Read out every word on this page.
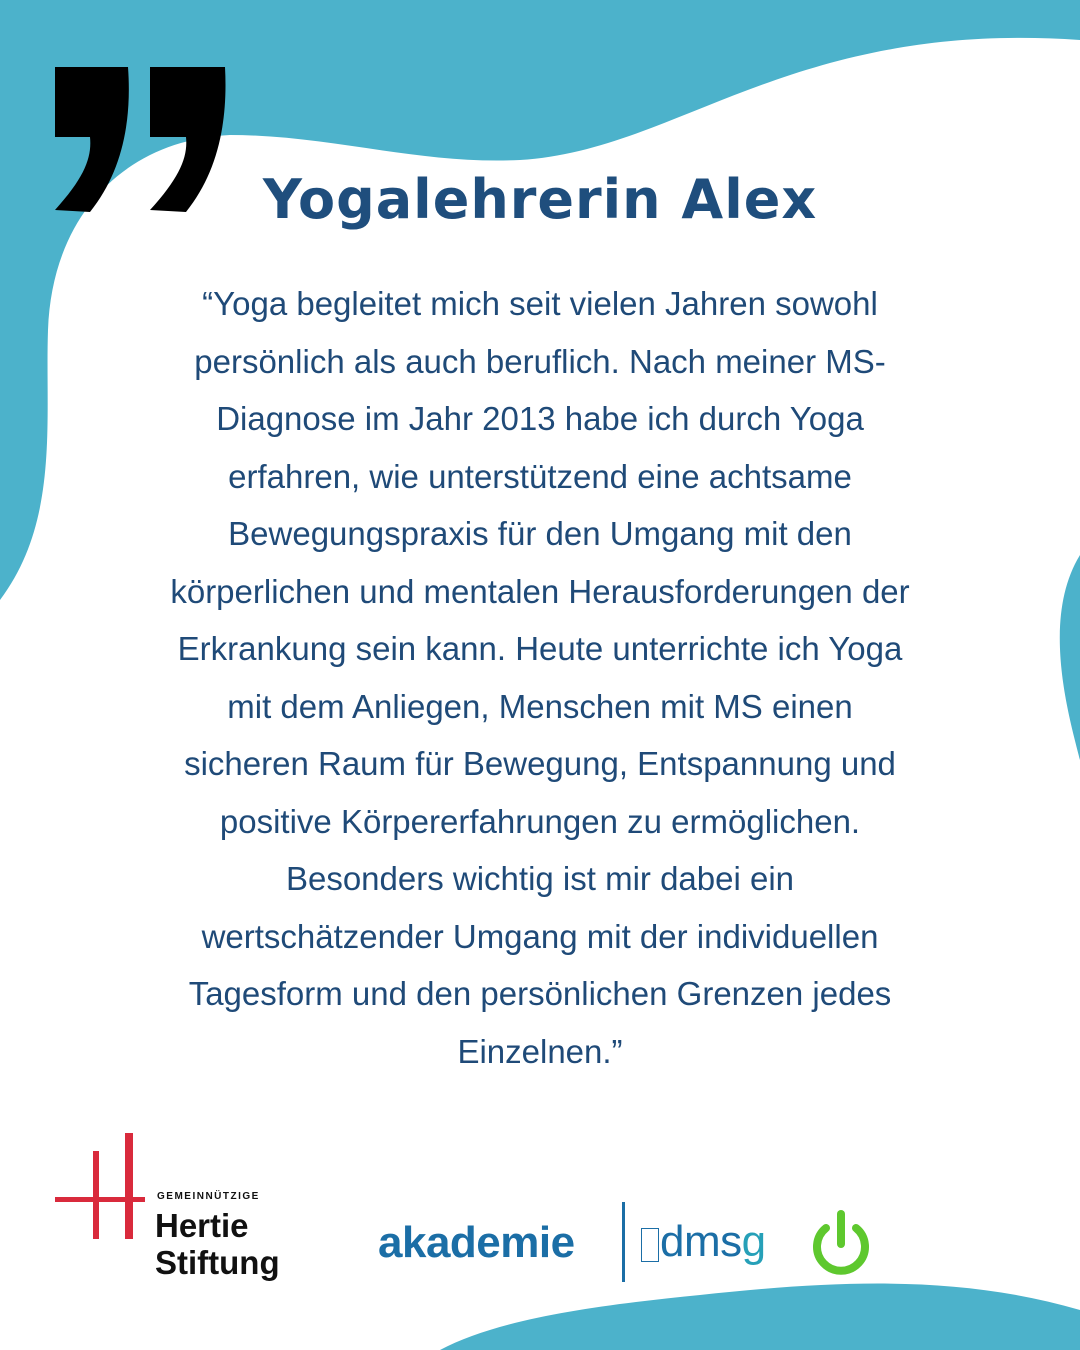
Yogalehrerin Alex
“Yoga begleitet mich seit vielen Jahren sowohl
persönlich als auch beruflich. Nach meiner MS-
Diagnose im Jahr 2013 habe ich durch Yoga
erfahren, wie unterstützend eine achtsame
Bewegungspraxis für den Umgang mit den
körperlichen und mentalen Herausforderungen der
Erkrankung sein kann. Heute unterrichte ich Yoga
mit dem Anliegen, Menschen mit MS einen
sicheren Raum für Bewegung, Entspannung und
positive Körpererfahrungen zu ermöglichen.
Besonders wichtig ist mir dabei ein
wertschätzender Umgang mit der individuellen
Tagesform und den persönlichen Grenzen jedes
Einzelnen.”
GEMEINNÜTZIGE
Hertie
Stiftung akademie dmsg
